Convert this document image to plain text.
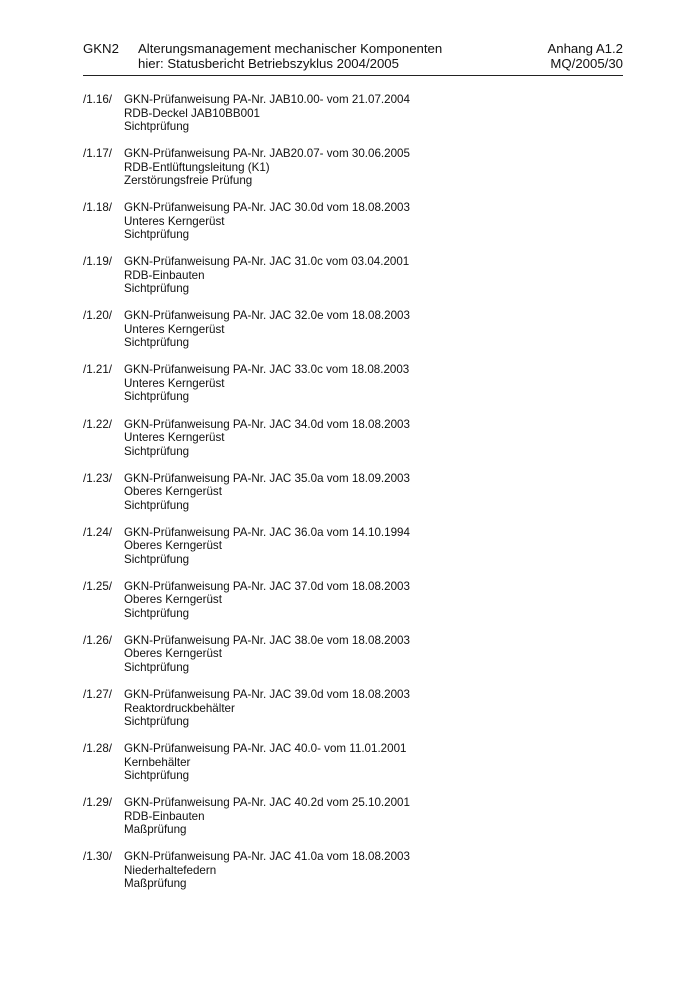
GKN2 Alterungsmanagement mechanischer Komponenten
hier: Statusbericht Betriebszyklus 2004/2005
Anhang A1.2
MQ/2005/30
/1.16/ GKN-Prüfanweisung PA-Nr. JAB10.00- vom 21.07.2004
RDB-Deckel JAB10BB001
Sichtprüfung
/1.17/ GKN-Prüfanweisung PA-Nr. JAB20.07- vom 30.06.2005
RDB-Entlüftungsleitung (K1)
Zerstörungsfreie Prüfung
/1.18/ GKN-Prüfanweisung PA-Nr. JAC 30.0d vom 18.08.2003
Unteres Kerngerüst
Sichtprüfung
/1.19/ GKN-Prüfanweisung PA-Nr. JAC 31.0c vom 03.04.2001
RDB-Einbauten
Sichtprüfung
/1.20/ GKN-Prüfanweisung PA-Nr. JAC 32.0e vom 18.08.2003
Unteres Kerngerüst
Sichtprüfung
/1.21/ GKN-Prüfanweisung PA-Nr. JAC 33.0c vom 18.08.2003
Unteres Kerngerüst
Sichtprüfung
/1.22/ GKN-Prüfanweisung PA-Nr. JAC 34.0d vom 18.08.2003
Unteres Kerngerüst
Sichtprüfung
/1.23/ GKN-Prüfanweisung PA-Nr. JAC 35.0a vom 18.09.2003
Oberes Kerngerüst
Sichtprüfung
/1.24/ GKN-Prüfanweisung PA-Nr. JAC 36.0a vom 14.10.1994
Oberes Kerngerüst
Sichtprüfung
/1.25/ GKN-Prüfanweisung PA-Nr. JAC 37.0d vom 18.08.2003
Oberes Kerngerüst
Sichtprüfung
/1.26/ GKN-Prüfanweisung PA-Nr. JAC 38.0e vom 18.08.2003
Oberes Kerngerüst
Sichtprüfung
/1.27/ GKN-Prüfanweisung PA-Nr. JAC 39.0d vom 18.08.2003
Reaktordruckbehälter
Sichtprüfung
/1.28/ GKN-Prüfanweisung PA-Nr. JAC 40.0- vom 11.01.2001
Kernbehälter
Sichtprüfung
/1.29/ GKN-Prüfanweisung PA-Nr. JAC 40.2d vom 25.10.2001
RDB-Einbauten
Maßprüfung
/1.30/ GKN-Prüfanweisung PA-Nr. JAC 41.0a vom 18.08.2003
Niederhaltefedern
Maßprüfung
